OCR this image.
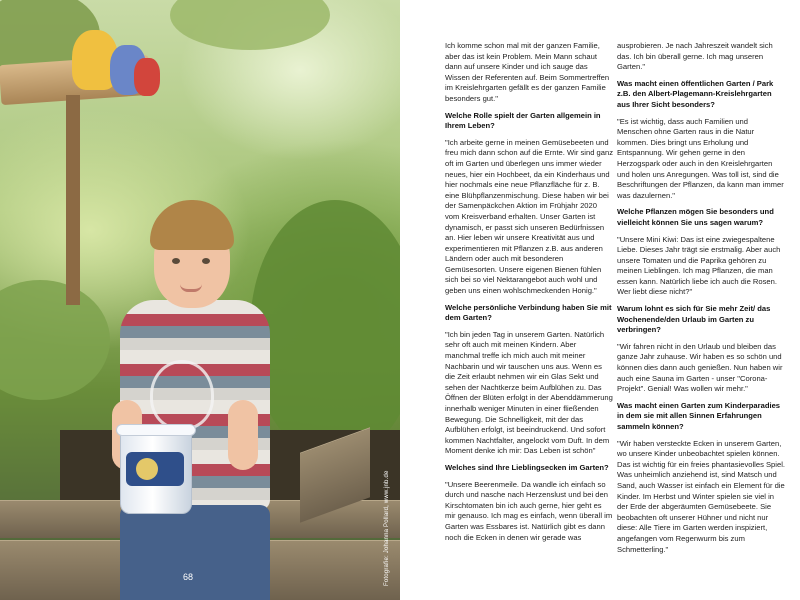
68	Fotografie: Johanna Pollard, www.jnb.de

Ich komme schon mal mit der ganzen Familie, aber das ist kein Problem. Mein Mann schaut dann auf unsere Kinder und ich sauge das Wissen der Referenten auf. Beim Sommertreffen im Kreislehrgarten gefällt es der ganzen Familie besonders gut."

Welche Rolle spielt der Garten allgemein in Ihrem Leben?

"Ich arbeite gerne in meinen Gemüsebeeten und freu mich dann schon auf die Ernte. Wir sind ganz oft im Garten und überlegen uns immer wieder neues, hier ein Hochbeet, da ein Kinderhaus und hier nochmals eine neue Pflanzfläche für z. B. eine Blühpflanzenmischung. Diese haben wir bei der Samenpäckchen Aktion im Frühjahr 2020 vom Kreisverband erhalten. Unser Garten ist dynamisch, er passt sich unseren Bedürfnissen an. Hier leben wir unsere Kreativität aus und experimentieren mit Pflanzen z.B. aus anderen Ländern oder auch mit besonderen Gemüsesorten. Unsere eigenen Bienen fühlen sich bei so viel Nektarangebot auch wohl und geben uns einen wohlschmeckenden Honig."

Welche persönliche Verbindung haben Sie mit dem Garten?

"Ich bin jeden Tag in unserem Garten. Natürlich sehr oft auch mit meinen Kindern. Aber manchmal treffe ich mich auch mit meiner Nachbarin und wir tauschen uns aus. Wenn es die Zeit erlaubt nehmen wir ein Glas Sekt und sehen der Nachtkerze beim Aufblühen zu. Das Öffnen der Blüten erfolgt in der Abenddämmerung innerhalb weniger Minuten in einer fließenden Bewegung. Die Schnelligkeit, mit der das Aufblühen erfolgt, ist beeindruckend. Und sofort kommen Nachtfalter, angelockt vom Duft. In dem Moment denke ich mir: Das Leben ist schön"

Welches sind Ihre Lieblingsecken im Garten?

"Unsere Beerenmeile. Da wandle ich einfach so durch und nasche nach Herzenslust und bei den Kirschtomaten bin ich auch gerne, hier geht es mir genauso. Ich mag es einfach, wenn überall im Garten was Essbares ist. Natürlich gibt es dann noch die Ecken in denen wir gerade was

ausprobieren. Je nach Jahreszeit wandelt sich das. Ich bin überall gerne. Ich mag unseren Garten."

Was macht einen öffentlichen Garten / Park z.B. den Albert-Plagemann-Kreislehrgarten aus Ihrer Sicht besonders?

"Es ist wichtig, dass auch Familien und Menschen ohne Garten raus in die Natur kommen. Dies bringt uns Erholung und Entspannung. Wir gehen gerne in den Herzogspark oder auch in den Kreislehrgarten und holen uns Anregungen. Was toll ist, sind die Beschriftungen der Pflanzen, da kann man immer was dazulernen."

Welche Pflanzen mögen Sie besonders und vielleicht können Sie uns sagen warum?

"Unsere Mini Kiwi: Das ist eine zwiegespaltene Liebe. Dieses Jahr trägt sie erstmalig. Aber auch unsere Tomaten und die Paprika gehören zu meinen Lieblingen. Ich mag Pflanzen, die man essen kann. Natürlich liebe ich auch die Rosen. Wer liebt diese nicht?"

Warum lohnt es sich für Sie mehr Zeit/ das Wochenende/den Urlaub im Garten zu verbringen?

"Wir fahren nicht in den Urlaub und bleiben das ganze Jahr zuhause. Wir haben es so schön und können dies dann auch genießen. Nun haben wir auch eine Sauna im Garten - unser "Corona-Projekt". Genial! Was wollen wir mehr."

Was macht einen Garten zum Kinderparadies in dem sie mit allen Sinnen Erfahrungen sammeln können?

"Wir haben versteckte Ecken in unserem Garten, wo unsere Kinder unbeobachtet spielen können. Das ist wichtig für ein freies phantasievolles Spiel. Was unheimlich anziehend ist, sind Matsch und Sand, auch Wasser ist einfach ein Element für die Kinder. Im Herbst und Winter spielen sie viel in der Erde der abgeräumten Gemüsebeete. Sie beobachten oft unserer Hühner und nicht nur diese: Alle Tiere im Garten werden inspiziert, angefangen vom Regenwurm bis zum Schmetterling."
